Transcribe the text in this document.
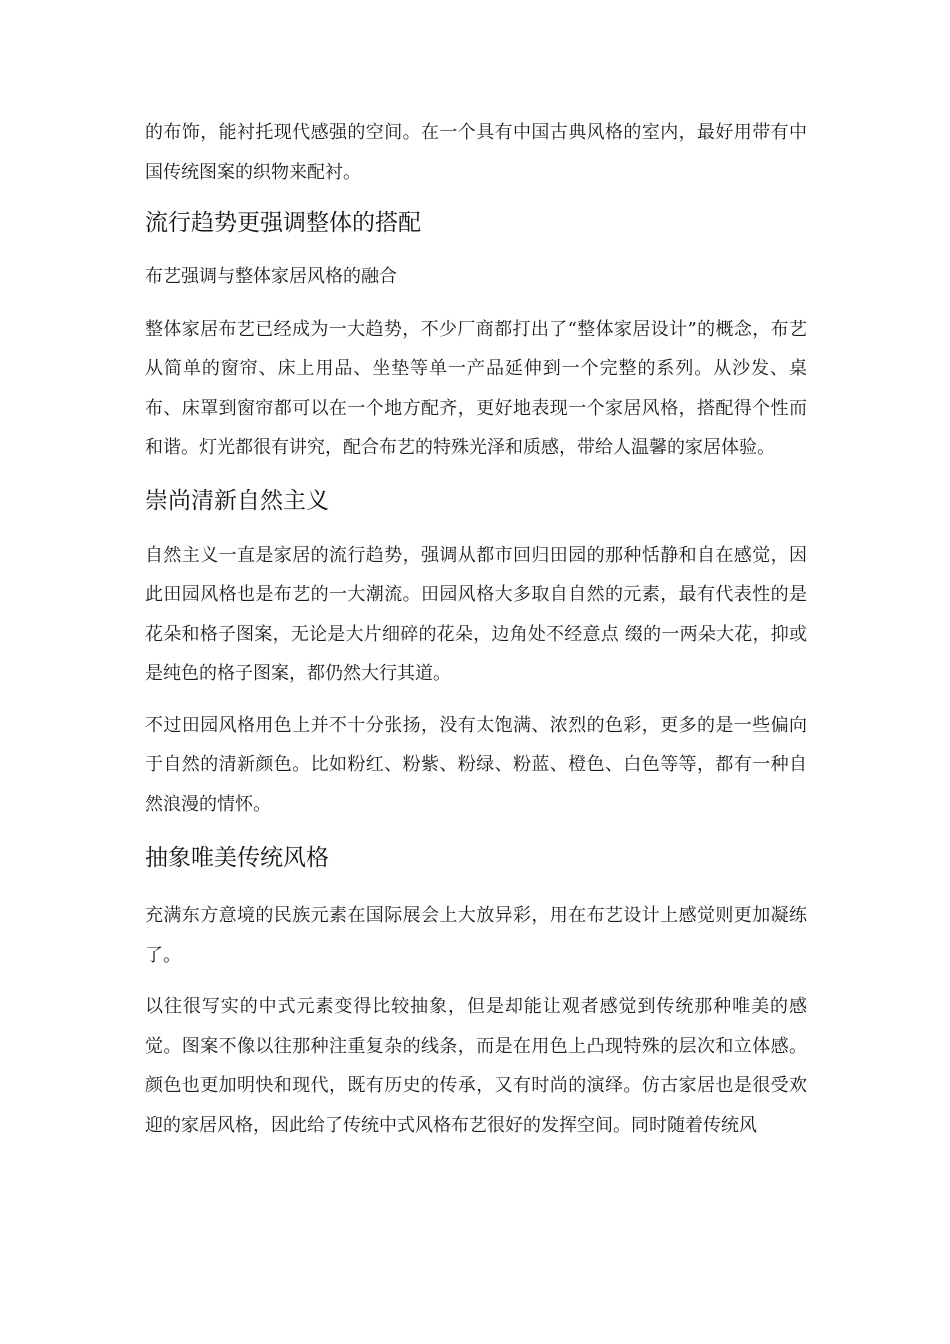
的布饰，能衬托现代感强的空间。在一个具有中国古典风格的室内，最好用带有中国传统图案的织物来配衬。

流行趋势更强调整体的搭配

布艺强调与整体家居风格的融合

整体家居布艺已经成为一大趋势，不少厂商都打出了“整体家居设计”的概念，布艺从简单的窗帘、床上用品、坐垫等单一产品延伸到一个完整的系列。从沙发、桌布、床罩到窗帘都可以在一个地方配齐，更好地表现一个家居风格，搭配得个性而和谐。灯光都很有讲究，配合布艺的特殊光泽和质感，带给人温馨的家居体验。

崇尚清新自然主义

自然主义一直是家居的流行趋势，强调从都市回归田园的那种恬静和自在感觉，因此田园风格也是布艺的一大潮流。田园风格大多取自自然的元素，最有代表性的是花朵和格子图案，无论是大片细碎的花朵，边角处不经意点 缀的一两朵大花，抑或是纯色的格子图案，都仍然大行其道。

不过田园风格用色上并不十分张扬，没有太饱满、浓烈的色彩，更多的是一些偏向于自然的清新颜色。比如粉红、粉紫、粉绿、粉蓝、橙色、白色等等，都有一种自然浪漫的情怀。

抽象唯美传统风格

充满东方意境的民族元素在国际展会上大放异彩，用在布艺设计上感觉则更加凝练了。

以往很写实的中式元素变得比较抽象，但是却能让观者感觉到传统那种唯美的感觉。图案不像以往那种注重复杂的线条，而是在用色上凸现特殊的层次和立体感。颜色也更加明快和现代，既有历史的传承，又有时尚的演绎。仿古家居也是很受欢迎的家居风格，因此给了传统中式风格布艺很好的发挥空间。同时随着传统风
